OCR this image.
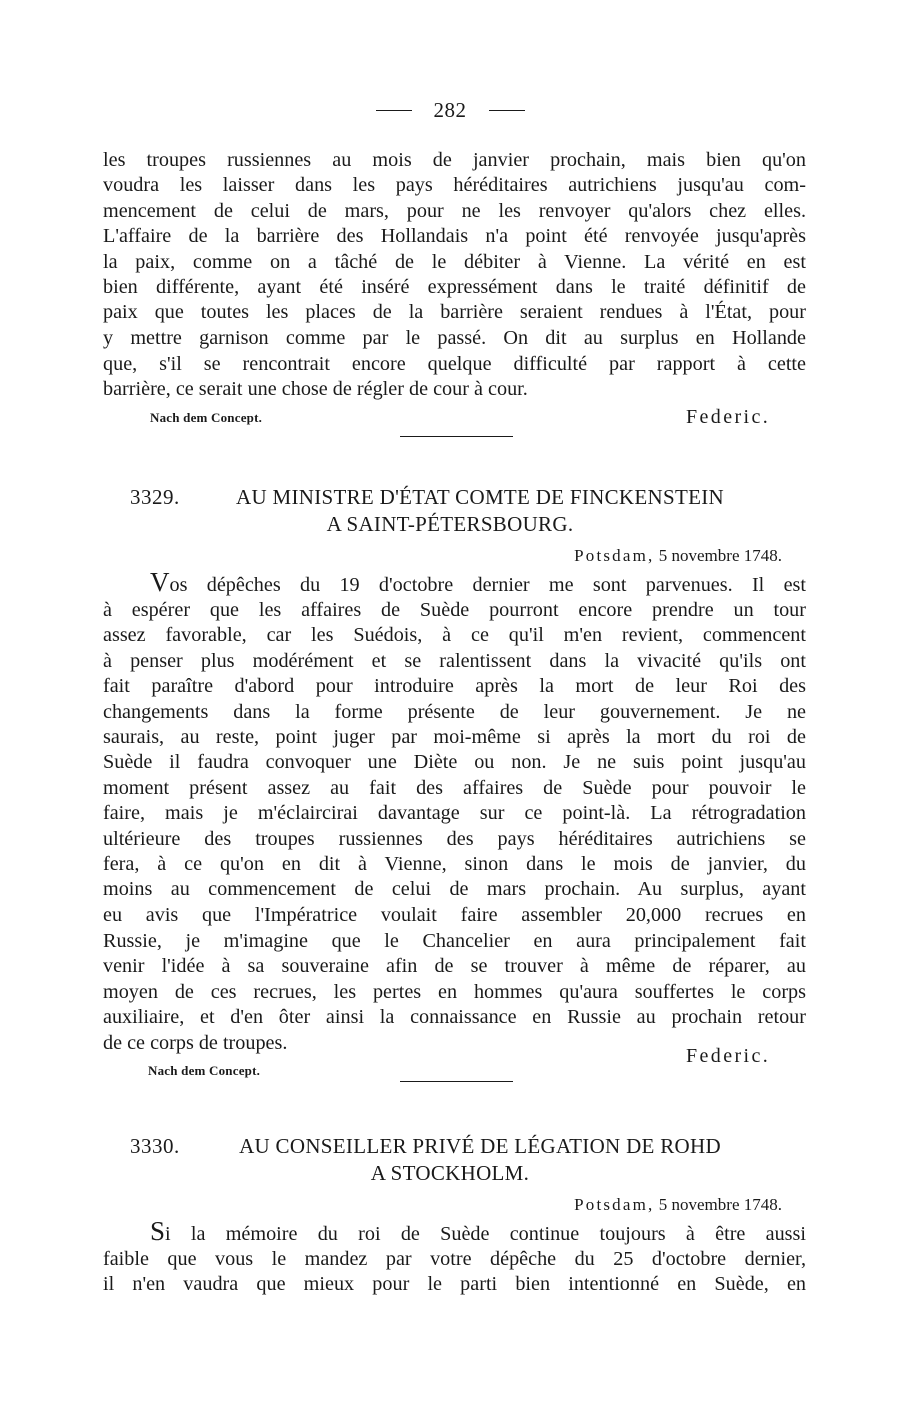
282
les troupes russiennes au mois de janvier prochain, mais bien qu'on
voudra les laisser dans les pays héréditaires autrichiens jusqu'au com-
mencement de celui de mars, pour ne les renvoyer qu'alors chez elles.
L'affaire de la barrière des Hollandais n'a point été renvoyée jusqu'après
la paix, comme on a tâché de le débiter à Vienne. La vérité en est
bien différente, ayant été inséré expressément dans le traité définitif de
paix que toutes les places de la barrière seraient rendues à l'État, pour
y mettre garnison comme par le passé. On dit au surplus en Hollande
que, s'il se rencontrait encore quelque difficulté par rapport à cette
barrière, ce serait une chose de régler de cour à cour.
Nach dem Concept.	Federic.
3329.	AU MINISTRE D'ÉTAT COMTE DE FINCKENSTEIN
A SAINT-PÉTERSBOURG.
Potsdam, 5 novembre 1748.
Vos dépêches du 19 d'octobre dernier me sont parvenues. Il est
à espérer que les affaires de Suède pourront encore prendre un tour
assez favorable, car les Suédois, à ce qu'il m'en revient, commencent
à penser plus modérément et se ralentissent dans la vivacité qu'ils ont
fait paraître d'abord pour introduire après la mort de leur Roi des
changements dans la forme présente de leur gouvernement. Je ne
saurais, au reste, point juger par moi-même si après la mort du roi de
Suède il faudra convoquer une Diète ou non. Je ne suis point jusqu'au
moment présent assez au fait des affaires de Suède pour pouvoir le
faire, mais je m'éclaircirai davantage sur ce point-là. La rétrogradation
ultérieure des troupes russiennes des pays héréditaires autrichiens se
fera, à ce qu'on en dit à Vienne, sinon dans le mois de janvier, du
moins au commencement de celui de mars prochain. Au surplus, ayant
eu avis que l'Impératrice voulait faire assembler 20,000 recrues en
Russie, je m'imagine que le Chancelier en aura principalement fait
venir l'idée à sa souveraine afin de se trouver à même de réparer, au
moyen de ces recrues, les pertes en hommes qu'aura souffertes le corps
auxiliaire, et d'en ôter ainsi la connaissance en Russie au prochain retour
de ce corps de troupes.
Federic.
Nach dem Concept.
3330.	AU CONSEILLER PRIVÉ DE LÉGATION DE ROHD
A STOCKHOLM.
Potsdam, 5 novembre 1748.
Si la mémoire du roi de Suède continue toujours à être aussi
faible que vous le mandez par votre dépêche du 25 d'octobre dernier,
il n'en vaudra que mieux pour le parti bien intentionné en Suède, en
